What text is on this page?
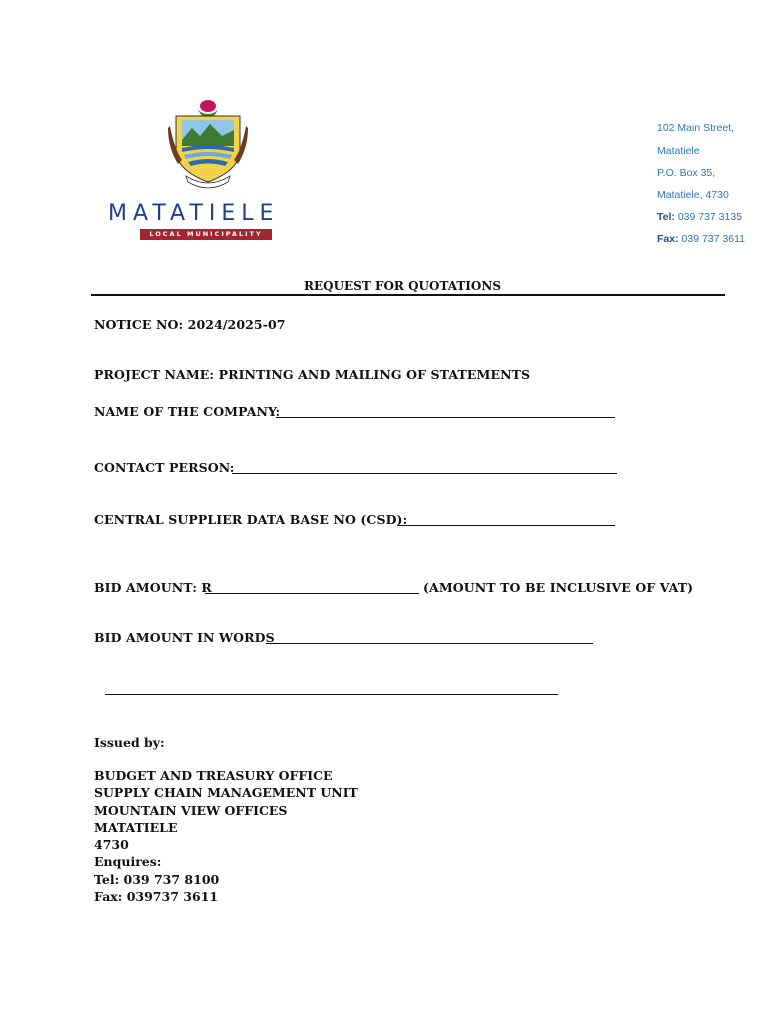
MATATIELE
LOCAL MUNICIPALITY
102 Main Street,
Matatiele
P.O. Box 35,
Matatiele, 4730
Tel: 039 737 3135
Fax: 039 737 3611
REQUEST FOR QUOTATIONS
NOTICE NO: 2024/2025-07
PROJECT NAME: PRINTING AND MAILING OF STATEMENTS
NAME OF THE COMPANY:
CONTACT PERSON:
CENTRAL SUPPLIER DATA BASE NO (CSD):
BID AMOUNT: R	(AMOUNT TO BE INCLUSIVE OF VAT)
BID AMOUNT IN WORDS
Issued by:
BUDGET AND TREASURY OFFICE
SUPPLY CHAIN MANAGEMENT UNIT
MOUNTAIN VIEW OFFICES
MATATIELE
4730
Enquires:
Tel: 039 737 8100
Fax: 039737 3611
